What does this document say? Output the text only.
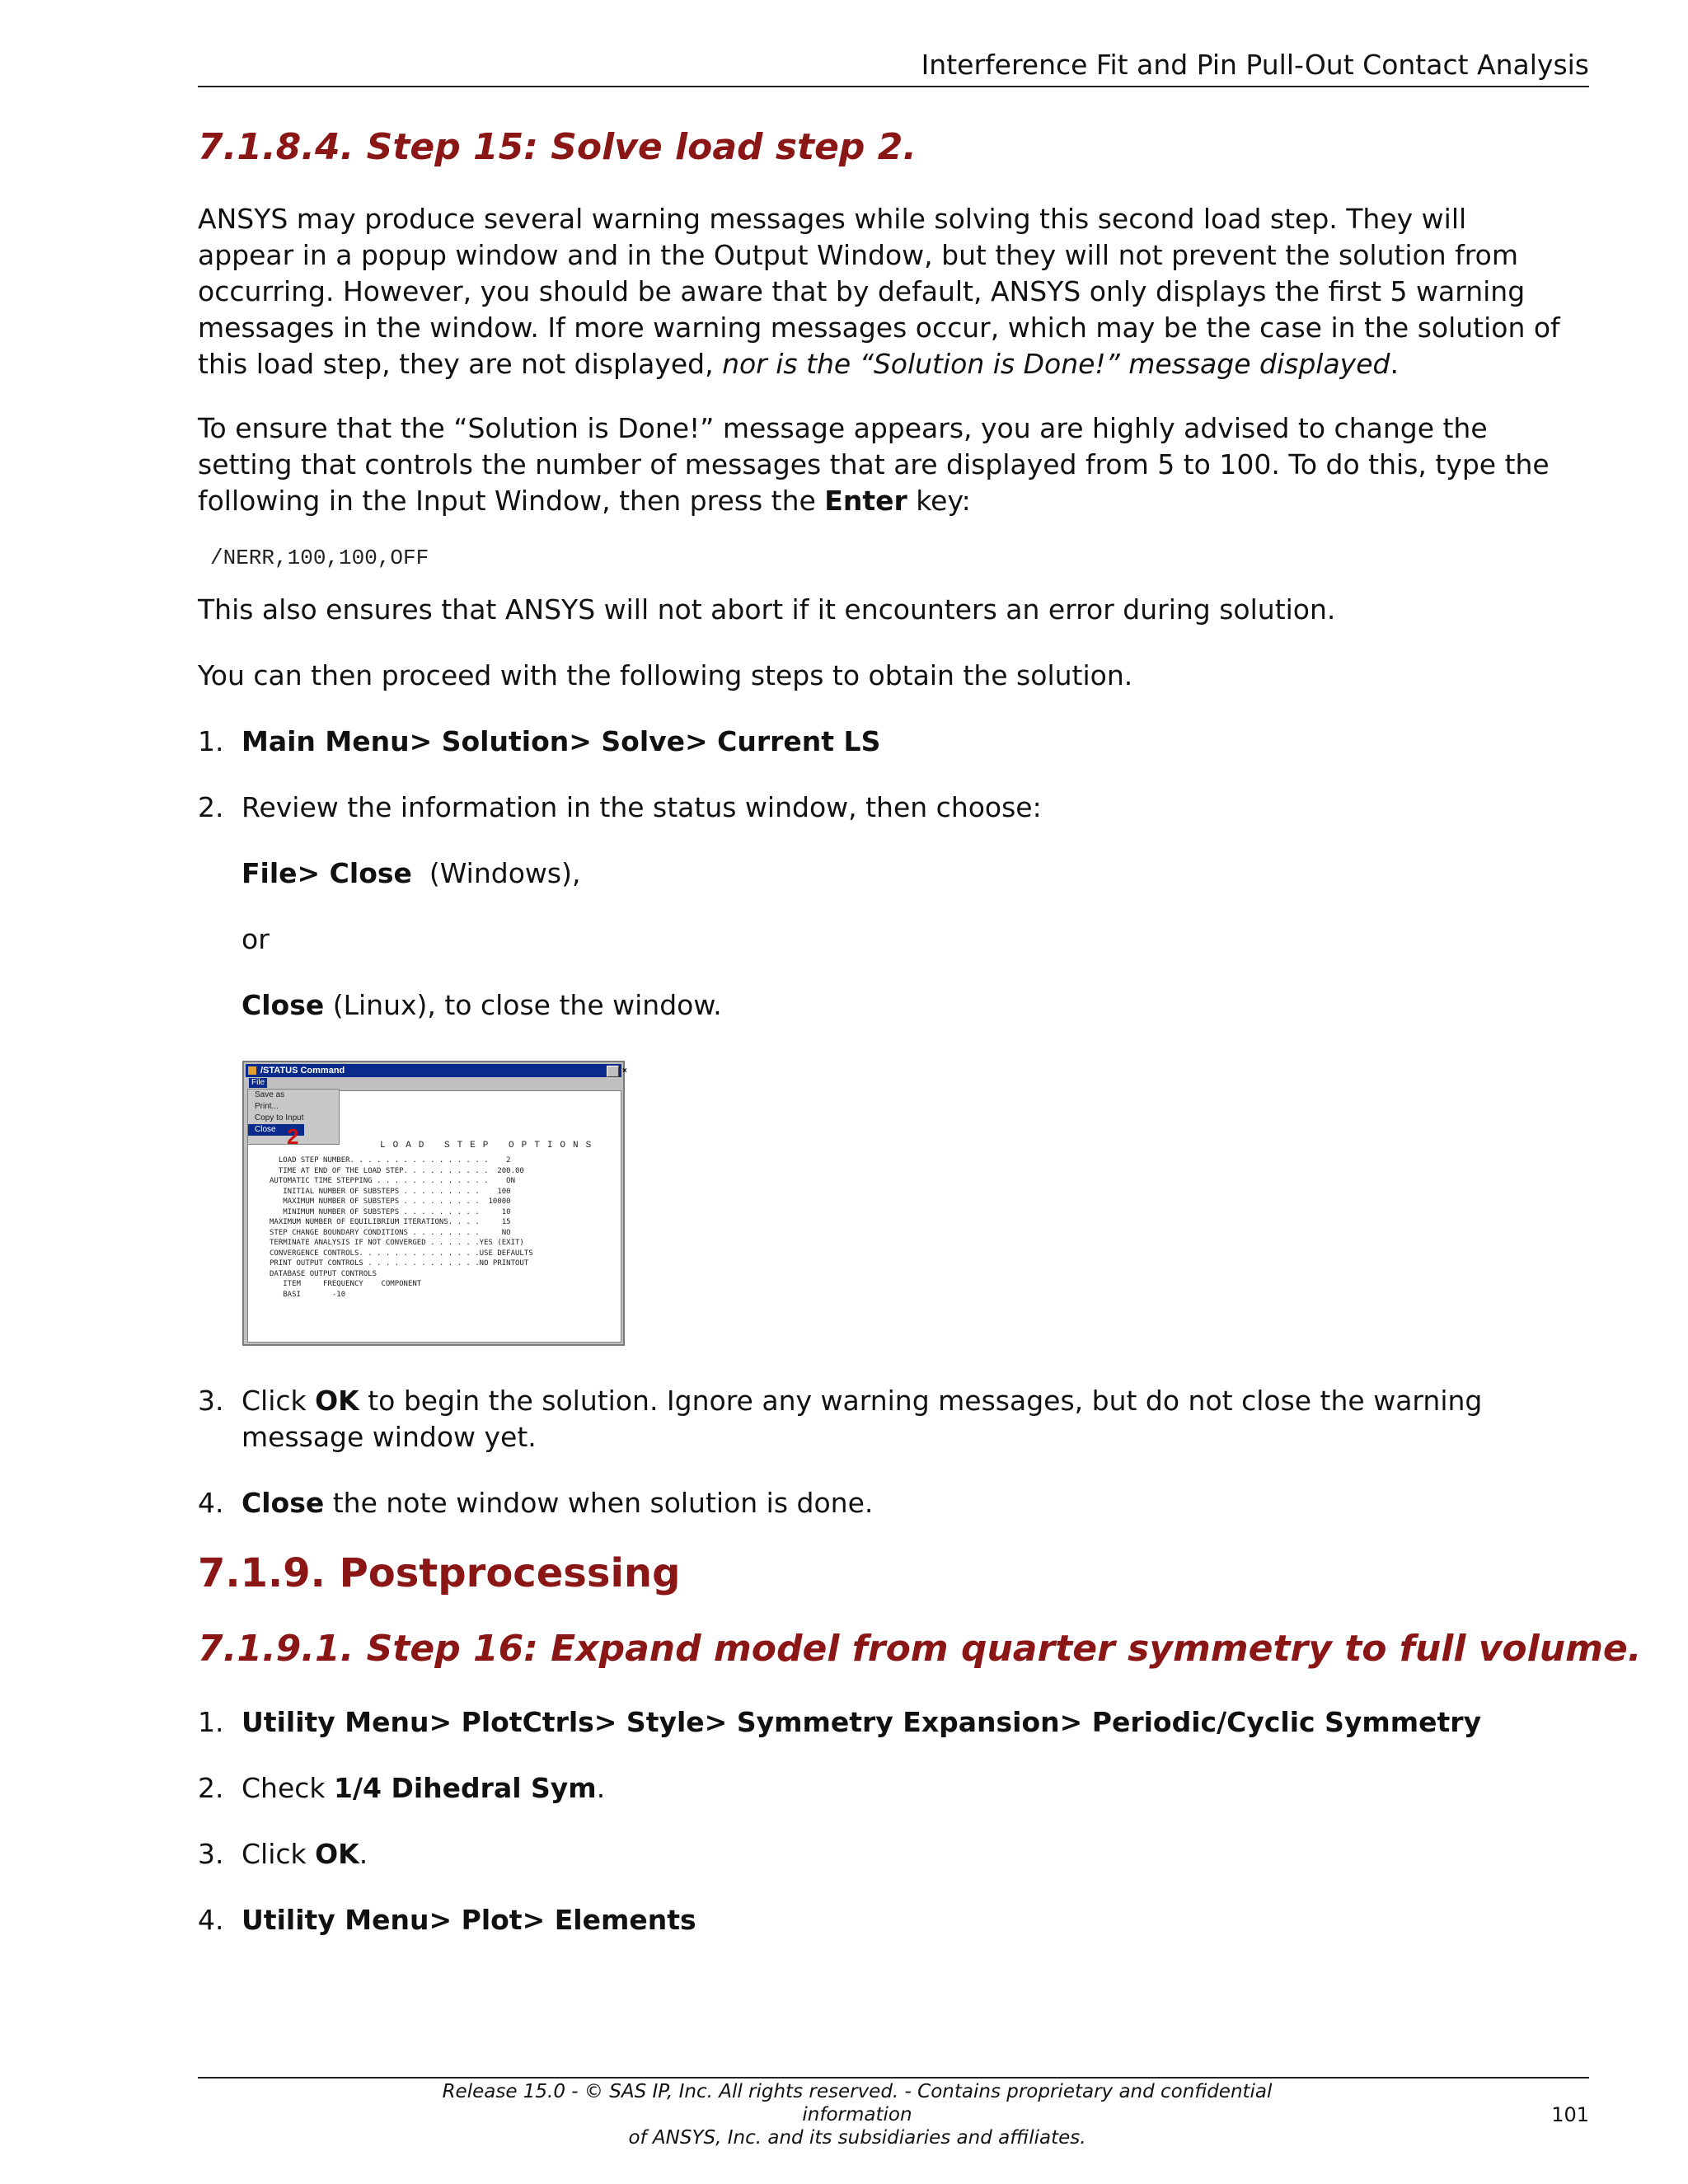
Interference Fit and Pin Pull-Out Contact Analysis
7.1.8.4. Step 15: Solve load step 2.

ANSYS may produce several warning messages while solving this second load step. They will appear in a popup window and in the Output Window, but they will not prevent the solution from occurring. However, you should be aware that by default, ANSYS only displays the first 5 warning messages in the window. If more warning messages occur, which may be the case in the solution of this load step, they are not displayed, nor is the “Solution is Done!” message displayed.

To ensure that the “Solution is Done!” message appears, you are highly advised to change the setting that controls the number of messages that are displayed from 5 to 100. To do this, type the following in the Input Window, then press the Enter key:

/NERR,100,100,OFF

This also ensures that ANSYS will not abort if it encounters an error during solution.

You can then proceed with the following steps to obtain the solution.

1. Main Menu> Solution> Solve> Current LS

2. Review the information in the status window, then choose:

File> Close  (Windows),

or

Close (Linux), to close the window.

/STATUS Command	×
File
LOAD STEP OPTIONS
LOAD STEP NUMBER. . . . . . . . . . . . . . . .    2
TIME AT END OF THE LOAD STEP. . . . . . . . . .  200.00
AUTOMATIC TIME STEPPING . . . . . . . . . . . . .    ON
INITIAL NUMBER OF SUBSTEPS . . . . . . . . .    100
MAXIMUM NUMBER OF SUBSTEPS . . . . . . . . .  10000
MINIMUM NUMBER OF SUBSTEPS . . . . . . . . .     10
MAXIMUM NUMBER OF EQUILIBRIUM ITERATIONS. . . .     15
STEP CHANGE BOUNDARY CONDITIONS . . . . . . . .     NO
TERMINATE ANALYSIS IF NOT CONVERGED . . . . . .YES (EXIT)
CONVERGENCE CONTROLS. . . . . . . . . . . . . .USE DEFAULTS
PRINT OUTPUT CONTROLS . . . . . . . . . . . . .NO PRINTOUT
DATABASE OUTPUT CONTROLS
ITEM     FREQUENCY    COMPONENT
BASI       -10
Save as
Print...
Copy to Input
Close 2
3. Click OK to begin the solution. Ignore any warning messages, but do not close the warning message window yet.

4. Close the note window when solution is done.

7.1.9. Postprocessing
7.1.9.1. Step 16: Expand model from quarter symmetry to full volume.
1. Utility Menu> PlotCtrls> Style> Symmetry Expansion> Periodic/Cyclic Symmetry

2. Check 1/4 Dihedral Sym.

3. Click OK.

4. Utility Menu> Plot> Elements

Release 15.0 - © SAS IP, Inc. All rights reserved. - Contains proprietary and confidential information
of ANSYS, Inc. and its subsidiaries and affiliates.
101
